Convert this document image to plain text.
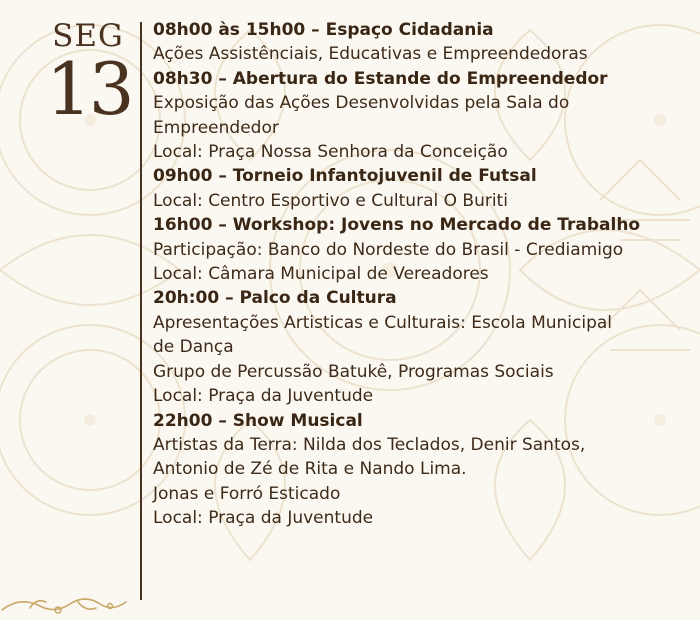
SEG
13
08h00 às 15h00 – Espaço Cidadania
Ações Assistênciais, Educativas e Empreendedoras
08h30 – Abertura do Estande do Empreendedor
Exposição das Ações Desenvolvidas pela Sala do
Empreendedor
Local: Praça Nossa Senhora da Conceição
09h00 – Torneio Infantojuvenil de Futsal
Local: Centro Esportivo e Cultural O Buriti
16h00 – Workshop: Jovens no Mercado de Trabalho
Participação: Banco do Nordeste do Brasil - Crediamigo
Local: Câmara Municipal de Vereadores
20h:00 – Palco da Cultura
Apresentações Artisticas e Culturais: Escola Municipal
de Dança
Grupo de Percussão Batukê, Programas Sociais
Local: Praça da Juventude
22h00 – Show Musical
Artistas da Terra: Nilda dos Teclados, Denir Santos,
Antonio de Zé de Rita e Nando Lima.
Jonas e Forró Esticado
Local: Praça da Juventude
